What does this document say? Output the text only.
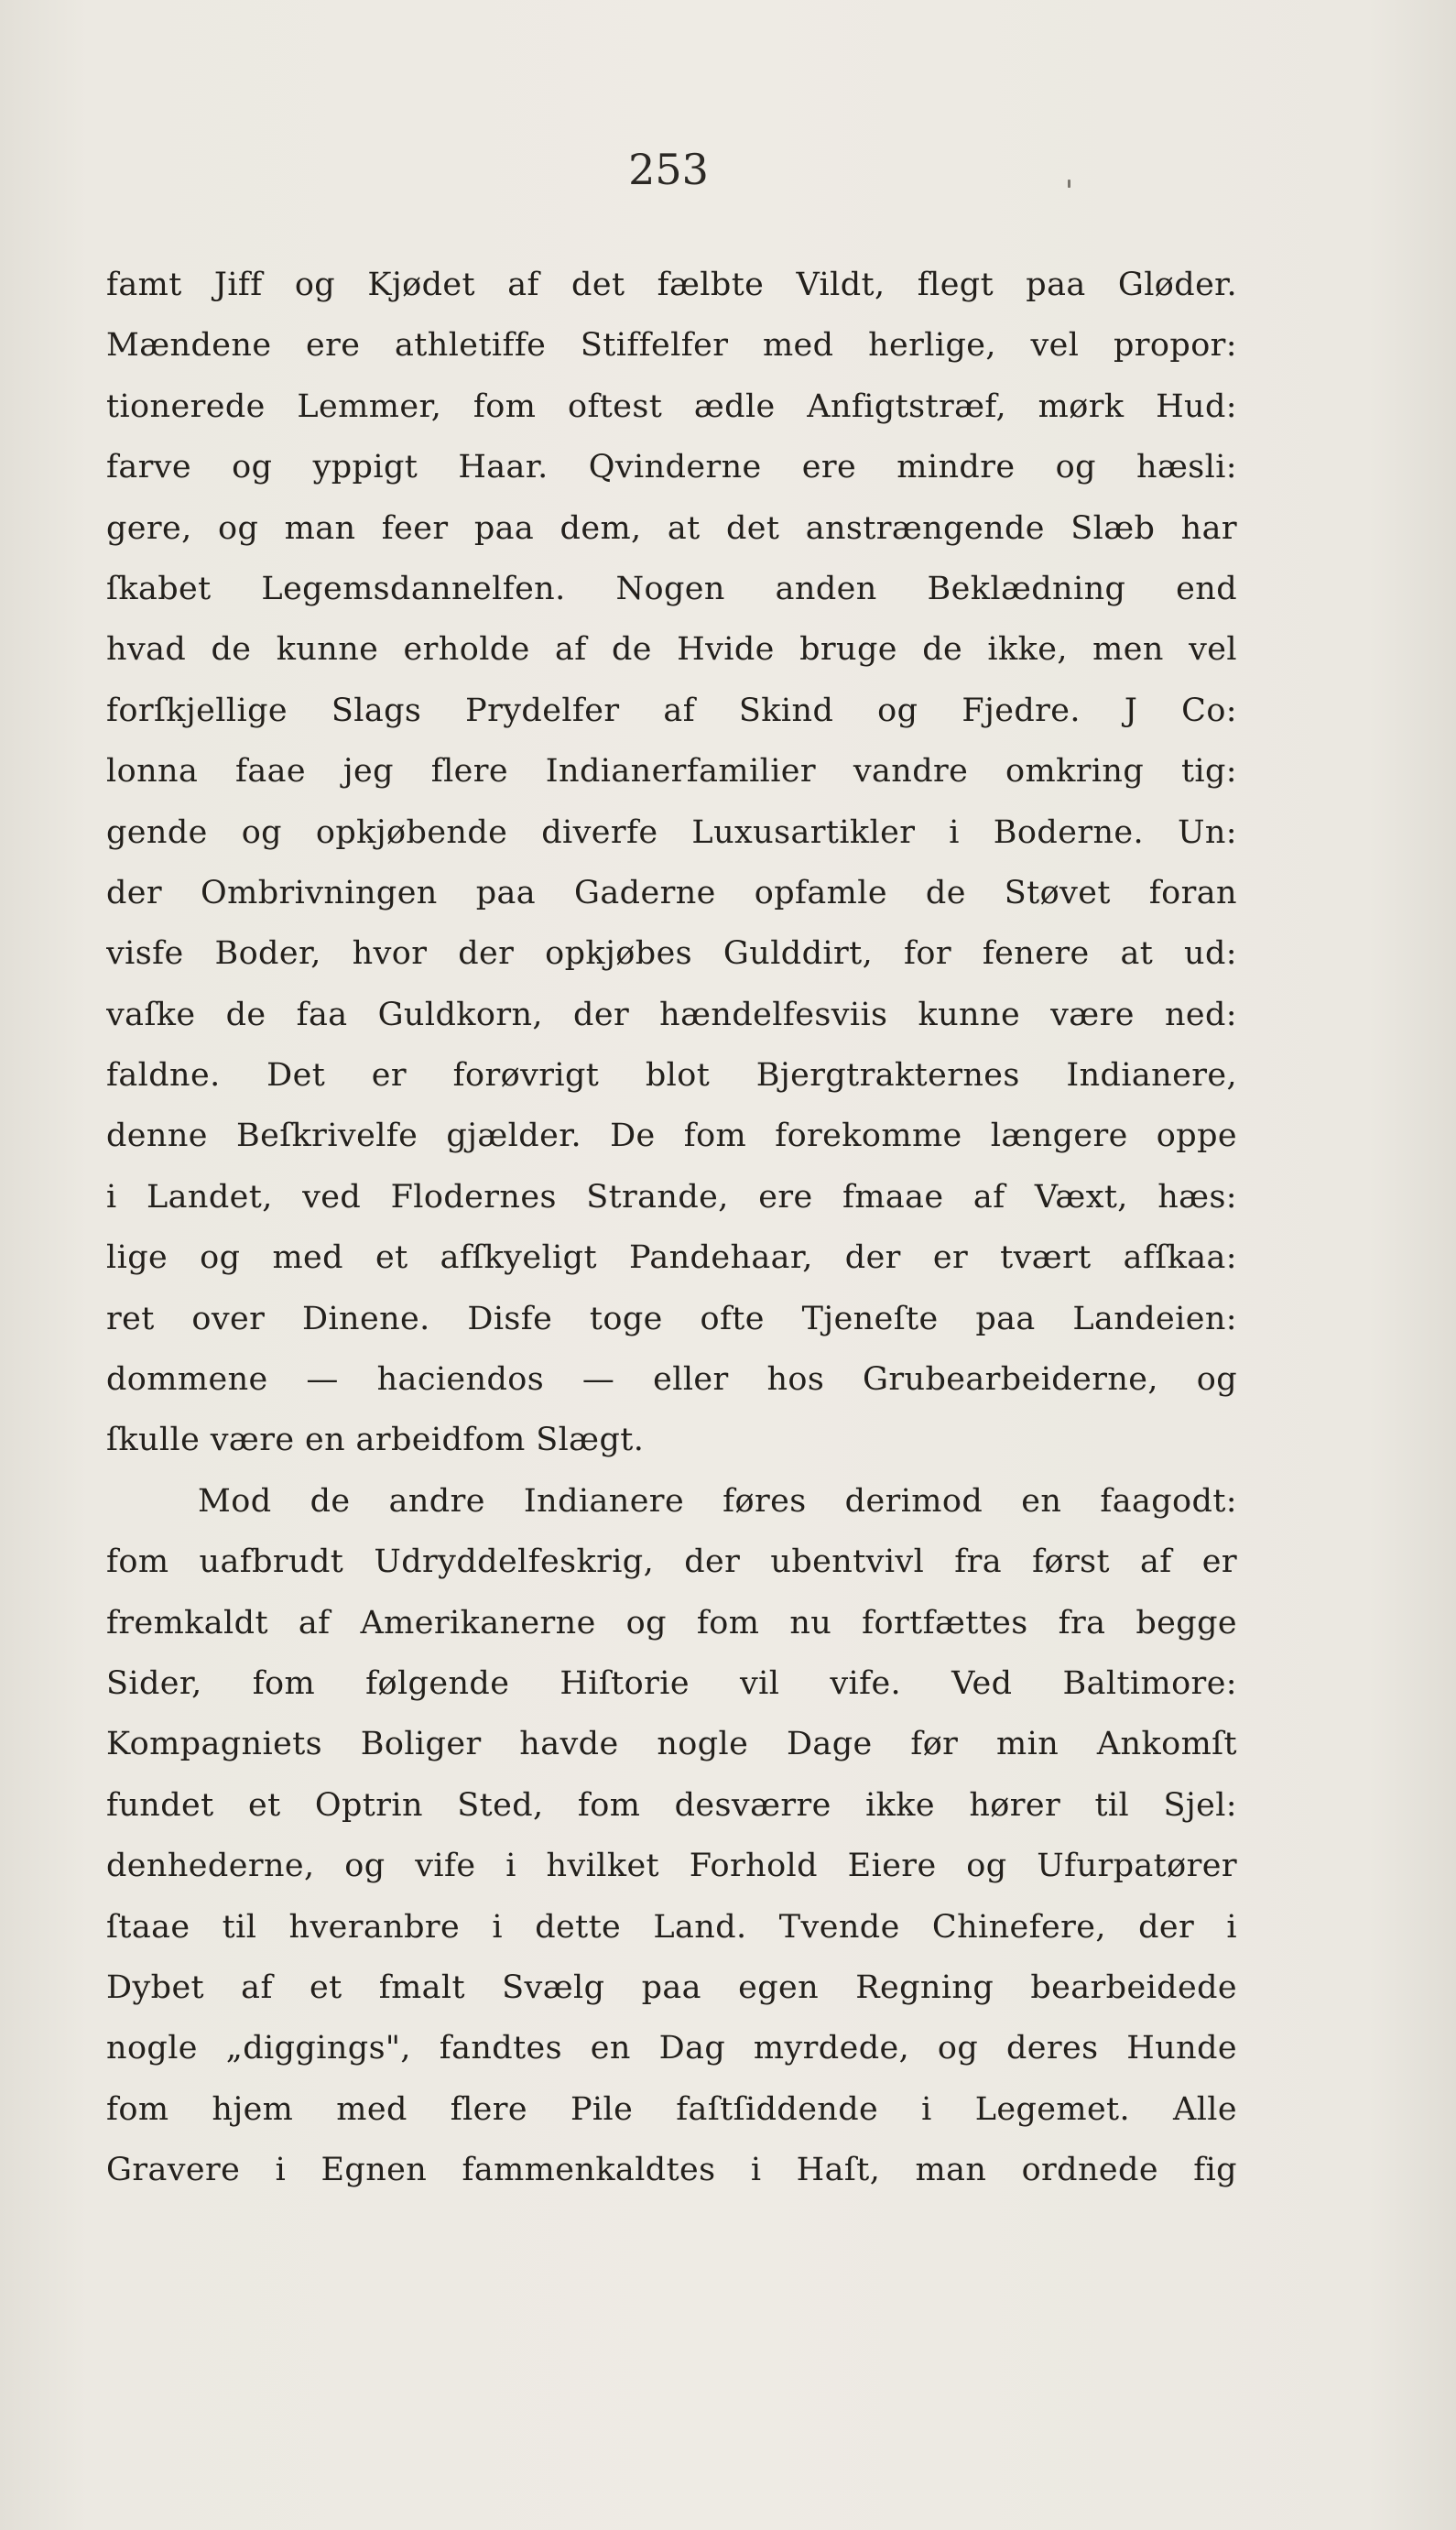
253
famt Jiff og Kjødet af det fælbte Vildt, flegt paa Gløder.
Mændene ere athletiffe Stiffelfer med herlige, vel propor:
tionerede Lemmer, fom oftest ædle Anfigtstræf, mørk Hud:
farve og yppigt Haar. Qvinderne ere mindre og hæsli:
gere, og man feer paa dem, at det anstrængende Slæb har
ſkabet Legemsdannelfen. Nogen anden Beklædning end
hvad de kunne erholde af de Hvide bruge de ikke, men vel
forſkjellige Slags Prydelfer af Skind og Fjedre. J Co:
lonna faae jeg flere Indianerfamilier vandre omkring tig:
gende og opkjøbende diverfe Luxusartikler i Boderne. Un:
der Ombrivningen paa Gaderne opfamle de Støvet foran
visfe Boder, hvor der opkjøbes Gulddirt, for fenere at ud:
vaſke de faa Guldkorn, der hændelfesviis kunne være ned:
faldne. Det er forøvrigt blot Bjergtrakternes Indianere,
denne Beſkrivelfe gjælder. De fom forekomme længere oppe
i Landet, ved Flodernes Strande, ere fmaae af Væxt, hæs:
lige og med et afſkyeligt Pandehaar, der er tvært afſkaa:
ret over Dinene. Disfe toge ofte Tjeneſte paa Landeien:
dommene — haciendos — eller hos Grubearbeiderne, og
ſkulle være en arbeidfom Slægt.
Mod de andre Indianere føres derimod en faagodt:
fom uafbrudt Udryddelfeskrig, der ubentvivl fra først af er
fremkaldt af Amerikanerne og fom nu fortfættes fra begge
Sider, fom følgende Hiſtorie vil vife. Ved Baltimore:
Kompagniets Boliger havde nogle Dage før min Ankomſt
fundet et Optrin Sted, fom desværre ikke hører til Sjel:
denhederne, og vife i hvilket Forhold Eiere og Ufurpatører
ſtaae til hveranbre i dette Land. Tvende Chinefere, der i
Dybet af et fmalt Svælg paa egen Regning bearbeidede
nogle „diggings", fandtes en Dag myrdede, og deres Hunde
fom hjem med flere Pile faſtſiddende i Legemet. Alle
Gravere i Egnen fammenkaldtes i Haſt, man ordnede fig
